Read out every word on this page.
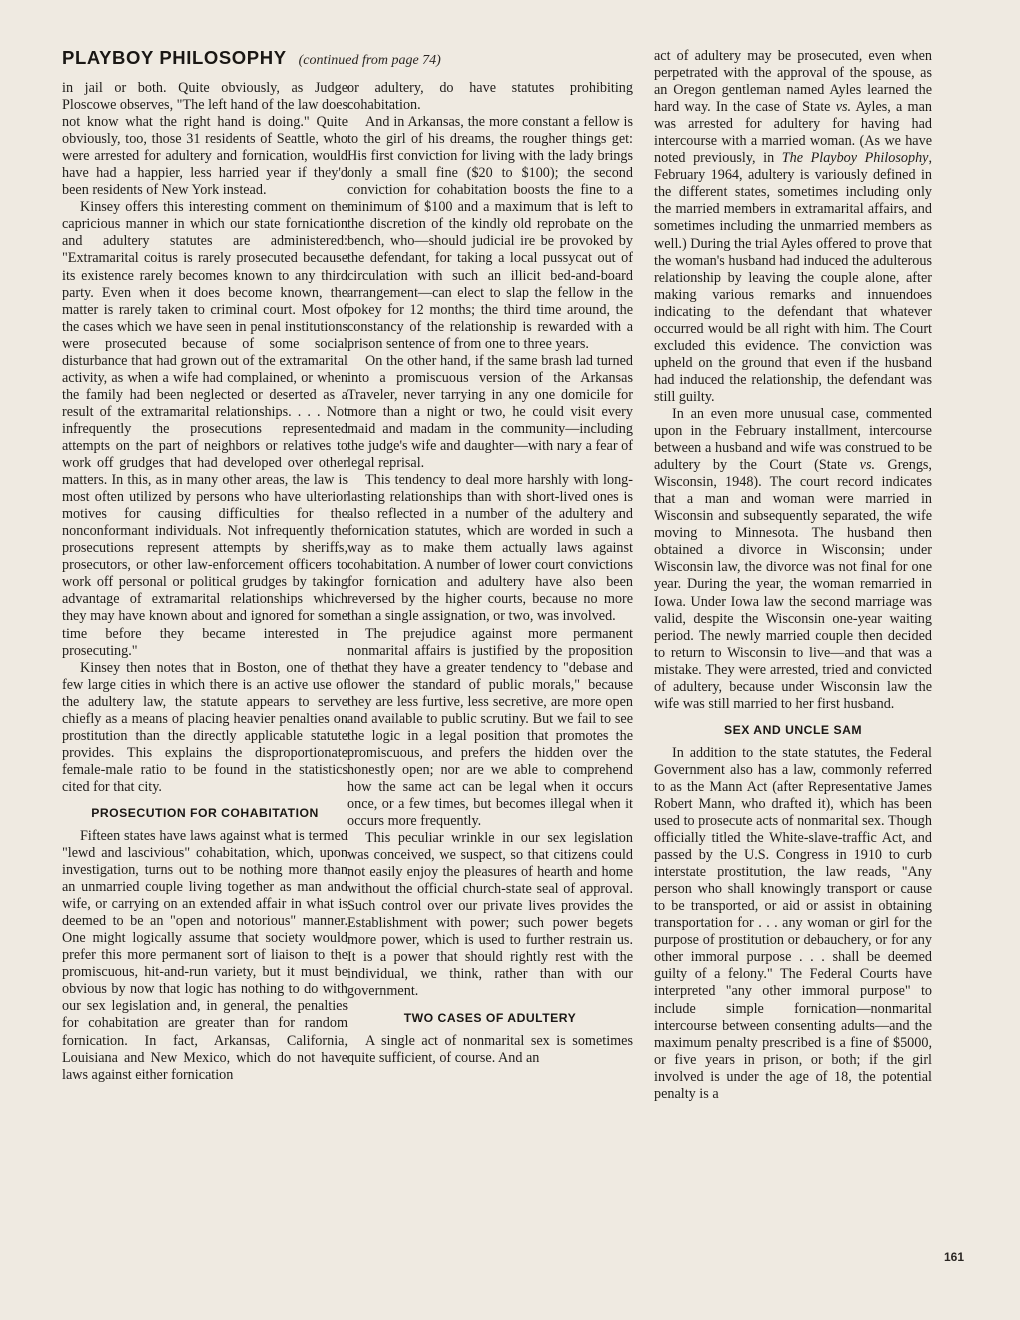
PLAYBOY PHILOSOPHY (continued from page 74)

in jail or both. Quite obviously, as Judge Ploscowe observes, "The left hand of the law does not know what the right hand is doing." Quite obviously, too, those 31 residents of Seattle, who were arrested for adultery and fornication, would have had a happier, less harried year if they'd been residents of New York instead.

Kinsey offers this interesting comment on the capricious manner in which our state fornication and adultery statutes are administered: "Extramarital coitus is rarely prosecuted because its existence rarely becomes known to any third party. Even when it does become known, the matter is rarely taken to criminal court. Most of the cases which we have seen in penal institutions were prosecuted because of some social disturbance that had grown out of the extramarital activity, as when a wife had complained, or when the family had been neglected or deserted as a result of the extramarital relationships. . . . Not infrequently the prosecutions represented attempts on the part of neighbors or relatives to work off grudges that had developed over other matters. In this, as in many other areas, the law is most often utilized by persons who have ulterior motives for causing difficulties for the nonconformant individuals. Not infrequently the prosecutions represent attempts by sheriffs, prosecutors, or other law-enforcement officers to work off personal or political grudges by taking advantage of extramarital relationships which they may have known about and ignored for some time before they became interested in prosecuting."

Kinsey then notes that in Boston, one of the few large cities in which there is an active use of the adultery law, the statute appears to serve chiefly as a means of placing heavier penalties on prostitution than the directly applicable statute provides. This explains the disproportionate female-male ratio to be found in the statistics cited for that city.

PROSECUTION FOR COHABITATION

Fifteen states have laws against what is termed "lewd and lascivious" cohabitation, which, upon investigation, turns out to be nothing more than an unmarried couple living together as man and wife, or carrying on an extended affair in what is deemed to be an "open and notorious" manner. One might logically assume that society would prefer this more permanent sort of liaison to the promiscuous, hit-and-run variety, but it must be obvious by now that logic has nothing to do with our sex legislation and, in general, the penalties for cohabitation are greater than for random fornication. In fact, Arkansas, California, Louisiana and New Mexico, which do not have laws against either fornication

or adultery, do have statutes prohibiting cohabitation.

And in Arkansas, the more constant a fellow is to the girl of his dreams, the rougher things get: His first conviction for living with the lady brings only a small fine ($20 to $100); the second conviction for cohabitation boosts the fine to a minimum of $100 and a maximum that is left to the discretion of the kindly old reprobate on the bench, who—should judicial ire be provoked by the defendant, for taking a local pussycat out of circulation with such an illicit bed-and-board arrangement—can elect to slap the fellow in the pokey for 12 months; the third time around, the constancy of the relationship is rewarded with a prison sentence of from one to three years.

On the other hand, if the same brash lad turned into a promiscuous version of the Arkansas Traveler, never tarrying in any one domicile for more than a night or two, he could visit every maid and madam in the community—including the judge's wife and daughter—with nary a fear of legal reprisal.

This tendency to deal more harshly with long-lasting relationships than with short-lived ones is also reflected in a number of the adultery and fornication statutes, which are worded in such a way as to make them actually laws against cohabitation. A number of lower court convictions for fornication and adultery have also been reversed by the higher courts, because no more than a single assignation, or two, was involved.

The prejudice against more permanent nonmarital affairs is justified by the proposition that they have a greater tendency to "debase and lower the standard of public morals," because they are less furtive, less secretive, are more open and available to public scrutiny. But we fail to see the logic in a legal position that promotes the promiscuous, and prefers the hidden over the honestly open; nor are we able to comprehend how the same act can be legal when it occurs once, or a few times, but becomes illegal when it occurs more frequently.

This peculiar wrinkle in our sex legislation was conceived, we suspect, so that citizens could not easily enjoy the pleasures of hearth and home without the official church-state seal of approval. Such control over our private lives provides the Establishment with power; such power begets more power, which is used to further restrain us. It is a power that should rightly rest with the individual, we think, rather than with our government.

TWO CASES OF ADULTERY

A single act of nonmarital sex is sometimes quite sufficient, of course. And an

act of adultery may be prosecuted, even when perpetrated with the approval of the spouse, as an Oregon gentleman named Ayles learned the hard way. In the case of State vs. Ayles, a man was arrested for adultery for having had intercourse with a married woman. (As we have noted previously, in The Playboy Philosophy, February 1964, adultery is variously defined in the different states, sometimes including only the married members in extramarital affairs, and sometimes including the unmarried members as well.) During the trial Ayles offered to prove that the woman's husband had induced the adulterous relationship by leaving the couple alone, after making various remarks and innuendoes indicating to the defendant that whatever occurred would be all right with him. The Court excluded this evidence. The conviction was upheld on the ground that even if the husband had induced the relationship, the defendant was still guilty.

In an even more unusual case, commented upon in the February installment, intercourse between a husband and wife was construed to be adultery by the Court (State vs. Grengs, Wisconsin, 1948). The court record indicates that a man and woman were married in Wisconsin and subsequently separated, the wife moving to Minnesota. The husband then obtained a divorce in Wisconsin; under Wisconsin law, the divorce was not final for one year. During the year, the woman remarried in Iowa. Under Iowa law the second marriage was valid, despite the Wisconsin one-year waiting period. The newly married couple then decided to return to Wisconsin to live—and that was a mistake. They were arrested, tried and convicted of adultery, because under Wisconsin law the wife was still married to her first husband.

SEX AND UNCLE SAM

In addition to the state statutes, the Federal Government also has a law, commonly referred to as the Mann Act (after Representative James Robert Mann, who drafted it), which has been used to prosecute acts of nonmarital sex. Though officially titled the White-slave-traffic Act, and passed by the U.S. Congress in 1910 to curb interstate prostitution, the law reads, "Any person who shall knowingly transport or cause to be transported, or aid or assist in obtaining transportation for . . . any woman or girl for the purpose of prostitution or debauchery, or for any other immoral purpose . . . shall be deemed guilty of a felony." The Federal Courts have interpreted "any other immoral purpose" to include simple fornication—nonmarital intercourse between consenting adults—and the maximum penalty prescribed is a fine of $5000, or five years in prison, or both; if the girl involved is under the age of 18, the potential penalty is a

161
